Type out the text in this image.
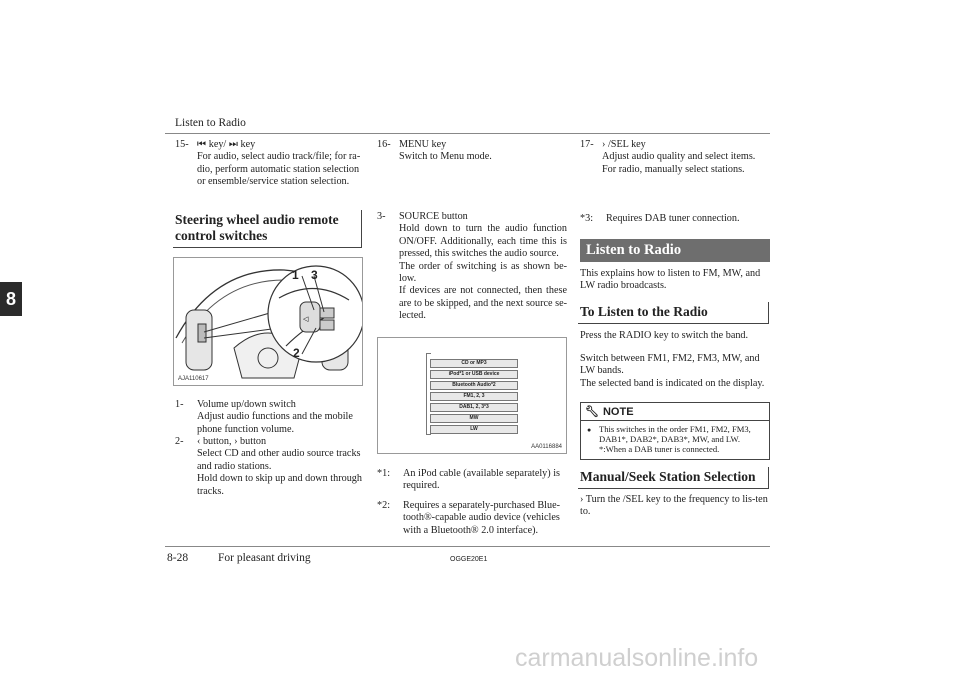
Listen to Radio
8
15- ⏮ key/ ⏭ key
For audio, select audio track/file; for ra-dio, perform automatic station selection or ensemble/service station selection.
Steering wheel audio remote control switches
◁
1 3
2
AJA110617
1-	Volume up/down switch
Adjust audio functions and the mobile phone function volume.
2-	‹ button, › button
Select CD and other audio source tracks and radio stations.
Hold down to skip up and down through tracks.
16- MENU key
Switch to Menu mode.
3-	SOURCE button
Hold down to turn the audio function ON/OFF. Additionally, each time this is pressed, this switches the audio source.
The order of switching is as shown be-low.
If devices are not connected, then these are to be skipped, and the next source se-lected.
CD or MP3
iPod*1 or USB device
Bluetooth Audio*2
FM1, 2, 3
DAB1, 2, 3*3
MW
LW
AA0116884
*1:	An iPod cable (available separately) is required.
*2:	Requires a separately-purchased Blue-tooth®-capable audio device (vehicles with a Bluetooth® 2.0 interface).
17- › /SEL key
Adjust audio quality and select items. For radio, manually select stations.
*3:	Requires DAB tuner connection.
Listen to Radio
This explains how to listen to FM, MW, and LW radio broadcasts.
To Listen to the Radio
Press the RADIO key to switch the band.
Switch between FM1, FM2, FM3, MW, and LW bands.
The selected band is indicated on the display.
🔧︎ NOTE
● This switches in the order FM1, FM2, FM3, DAB1*, DAB2*, DAB3*, MW, and LW.
*:When a DAB tuner is connected.
Manual/Seek Station Selection
› Turn the /SEL key to the frequency to lis-ten to.
8-28	For pleasant driving	OGGE20E1
carmanualsonline.info
